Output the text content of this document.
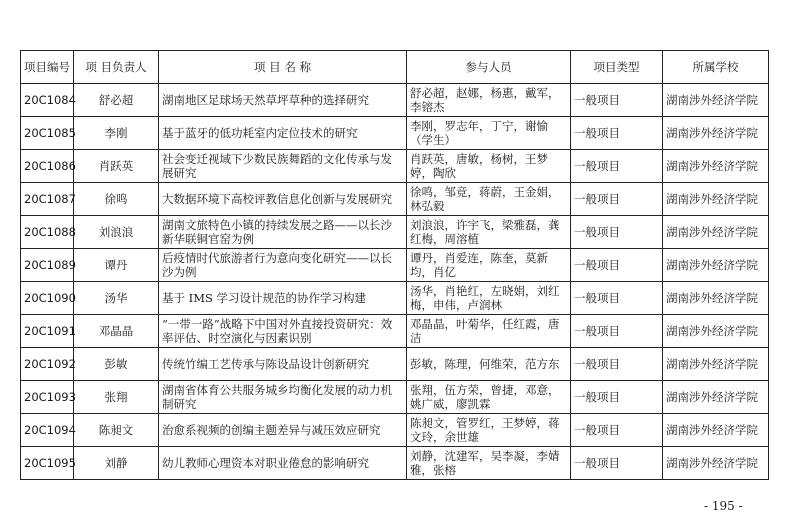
项目编号	项 目负责人	项 目 名 称	参与人员	项目类型	所属学校
20C1084	舒必超	湖南地区足球场天然草坪草种的选择研究	舒必超，赵娜，杨惠，戴军，李镕杰	一般项目	湖南涉外经济学院
20C1085	李刚	基于蓝牙的低功耗室内定位技术的研究	李刚，罗志年，丁宁，谢愉（学生）	一般项目	湖南涉外经济学院
20C1086	肖跃英	社会变迁视域下少数民族舞蹈的文化传承与发展研究	肖跃英，唐敏，杨树，王梦婷，陶欣	一般项目	湖南涉外经济学院
20C1087	徐鸣	大数据环境下高校评教信息化创新与发展研究	徐鸣，邹竞，蒋蔚，王金娟，林弘毅	一般项目	湖南涉外经济学院
20C1088	刘浪浪	湖南文旅特色小镇的持续发展之路——以长沙新华联铜官窑为例	刘浪浪，许宇飞，梁雅磊，龚红梅，周溶植	一般项目	湖南涉外经济学院
20C1089	谭丹	后疫情时代旅游者行为意向变化研究——以长沙为例	谭丹，肖爱连，陈奎，莫新均，肖亿	一般项目	湖南涉外经济学院
20C1090	汤华	基于 IMS 学习设计规范的协作学习构建	汤华，肖艳红，左晓娟，刘红梅，申伟，卢润林	一般项目	湖南涉外经济学院
20C1091	邓晶晶	“一带一路”战略下中国对外直接投资研究：效率评估、时空演化与因素识别	邓晶晶，叶菊华，任红霞，唐洁	一般项目	湖南涉外经济学院
20C1092	彭敏	传统竹编工艺传承与陈设品设计创新研究	彭敏，陈理，何维荣，范方东	一般项目	湖南涉外经济学院
20C1093	张翔	湖南省体育公共服务城乡均衡化发展的动力机制研究	张翔，伍方荣，曾捷，邓意，姚广威，廖凯霖	一般项目	湖南涉外经济学院
20C1094	陈昶文	治愈系视频的创编主题差异与减压效应研究	陈昶文，管罗红，王梦婷，蒋文玲，余世雄	一般项目	湖南涉外经济学院
20C1095	刘静	幼儿教师心理资本对职业倦怠的影响研究	刘静，沈建军，吴李凝，李婧雅，张榕	一般项目	湖南涉外经济学院
- 195 -
